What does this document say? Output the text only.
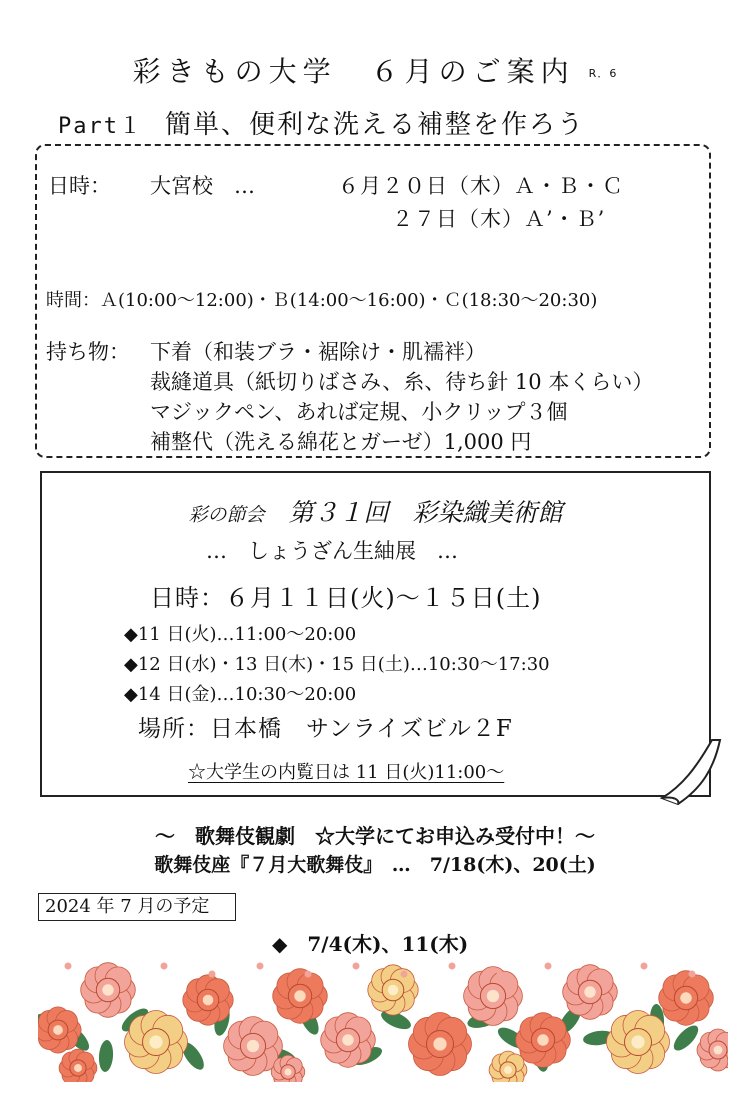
彩きもの大学　６月のご案内 R．6
Part１ 簡単、便利な洗える補整を作ろう
日時： 大宮校　…	６月２０日（木）Ａ・Ｂ・Ｃ
２７日（木）Ａ’・Ｂ’
時間：Ａ(10:00～12:00)・Ｂ(14:00～16:00)・Ｃ(18:30～20:30)
持ち物： 下着（和装ブラ・裾除け・肌襦袢）
裁縫道具（紙切りばさみ、糸、待ち針 10 本くらい）
マジックペン、あれば定規、小クリップ３個
補整代（洗える綿花とガーゼ）1,000 円
彩の節会 第３１回 彩染織美術館
…　しょうざん生紬展　…
日時：６月１１日(火)～１５日(土)
◆11 日(火)…11:00～20:00
◆12 日(水)・13 日(木)・15 日(土)…10:30～17:30
◆14 日(金)…10:30～20:00
場所：日本橋　サンライズビル２F
☆大学生の内覧日は 11 日(火)11:00～
～　歌舞伎観劇　☆大学にてお申込み受付中！～
歌舞伎座『７月大歌舞伎』　…　7/18(木)、20(土)
2024 年 7 月の予定
◆　7/4(木)、11(木)
